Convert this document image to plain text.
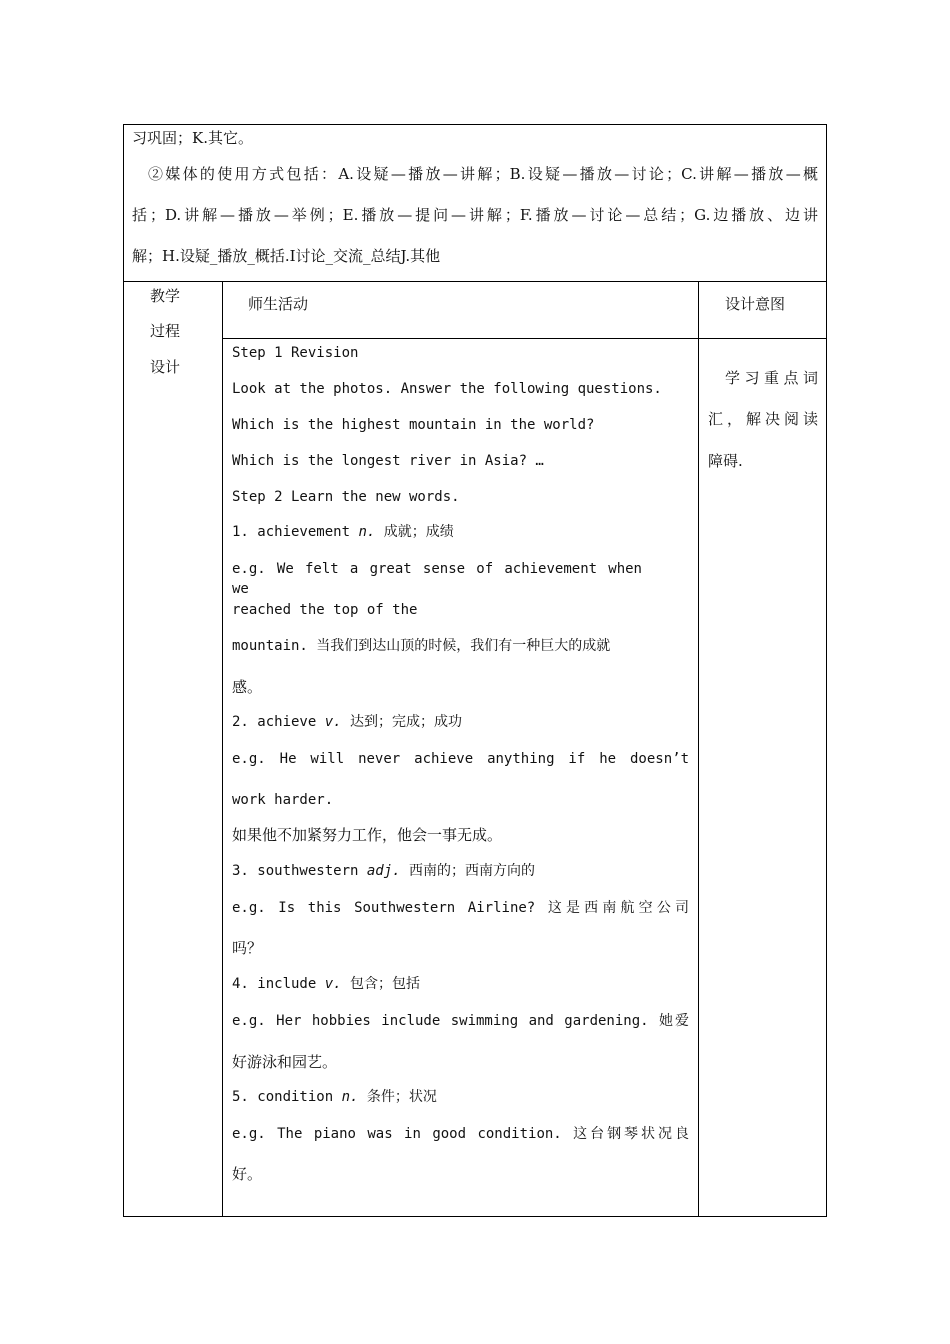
习巩固；K.其它。
②媒体的使用方式包括：A.设疑—播放—讲解；B.设疑—播放—讨论；C.讲解—播放—概
括；D.讲解—播放—举例；E.播放—提问—讲解；F.播放—讨论—总结；G.边播放、边讲
解；H.设疑_播放_概括.I讨论_交流_总结J.其他
教学
过程
设计
师生活动	设计意图
学习重点词
汇，解决阅读
障碍.
Step 1 Revision
Look at the photos. Answer the following questions.
Which is the highest mountain in the world?
Which is the longest river in Asia? …
Step 2 Learn the new words.
1. achievement n. 成就；成绩
e.g. We felt a great sense of achievement when we
reached the top of the
mountain. 当我们到达山顶的时候，我们有一种巨大的成就
感。
2. achieve v. 达到；完成；成功
e.g. He will never achieve anything if he doesn’t
work harder.
如果他不加紧努力工作，他会一事无成。
3. southwestern adj. 西南的；西南方向的
e.g. Is this Southwestern Airline? 这是西南航空公司
吗？
4. include v. 包含；包括
e.g. Her hobbies include swimming and gardening. 她爱
好游泳和园艺。
5. condition n. 条件；状况
e.g. The piano was in good condition. 这台钢琴状况良
好。
